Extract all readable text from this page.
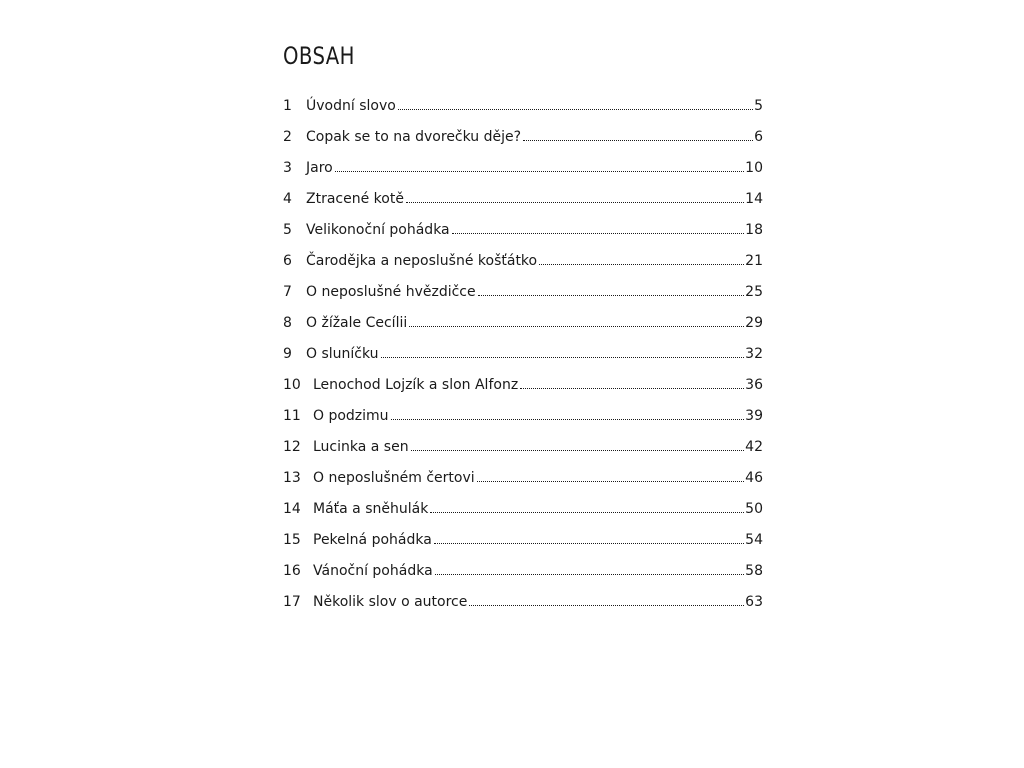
OBSAH
1	Úvodní slovo	5
2	Copak se to na dvorečku děje?	6
3	Jaro	10
4	Ztracené kotě	14
5	Velikonoční pohádka	18
6	Čarodějka a neposlušné košťátko	21
7	O neposlušné hvězdičce	25
8	O žížale Cecílii	29
9	O sluníčku	32
10 Lenochod Lojzík a slon Alfonz	36
11 O podzimu	39
12 Lucinka a sen	42
13 O neposlušném čertovi	46
14 Máťa a sněhulák	50
15 Pekelná pohádka	54
16 Vánoční pohádka	58
17 Několik slov o autorce	63
